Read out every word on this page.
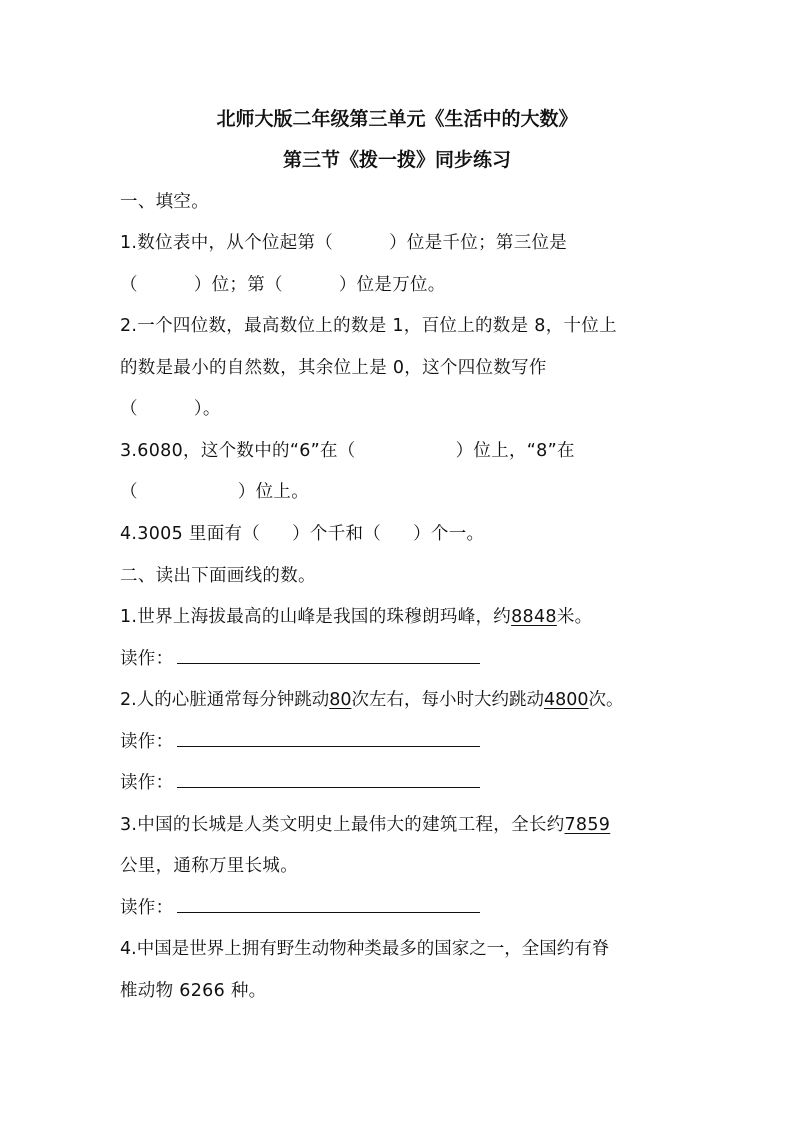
北师大版二年级第三单元《生活中的大数》
第三节《拨一拨》同步练习
一、填空。
1.数位表中，从个位起第（	）位是千位；第三位是
（	）位；第（	）位是万位。
2.一个四位数，最高数位上的数是 1，百位上的数是 8，十位上
的数是最小的自然数，其余位上是 0，这个四位数写作
（	）。
3.6080，这个数中的“6”在（	）位上，“8”在
（	）位上。
4.3005 里面有（ ）个千和（ ）个一。
二、读出下面画线的数。
1.世界上海拔最高的山峰是我国的珠穆朗玛峰，约8848米。
读作：
2.人的心脏通常每分钟跳动80次左右，每小时大约跳动4800次。
读作：
读作：
3.中国的长城是人类文明史上最伟大的建筑工程，全长约7859
公里，通称万里长城。
读作：
4.中国是世界上拥有野生动物种类最多的国家之一，全国约有脊
椎动物 6266 种。
